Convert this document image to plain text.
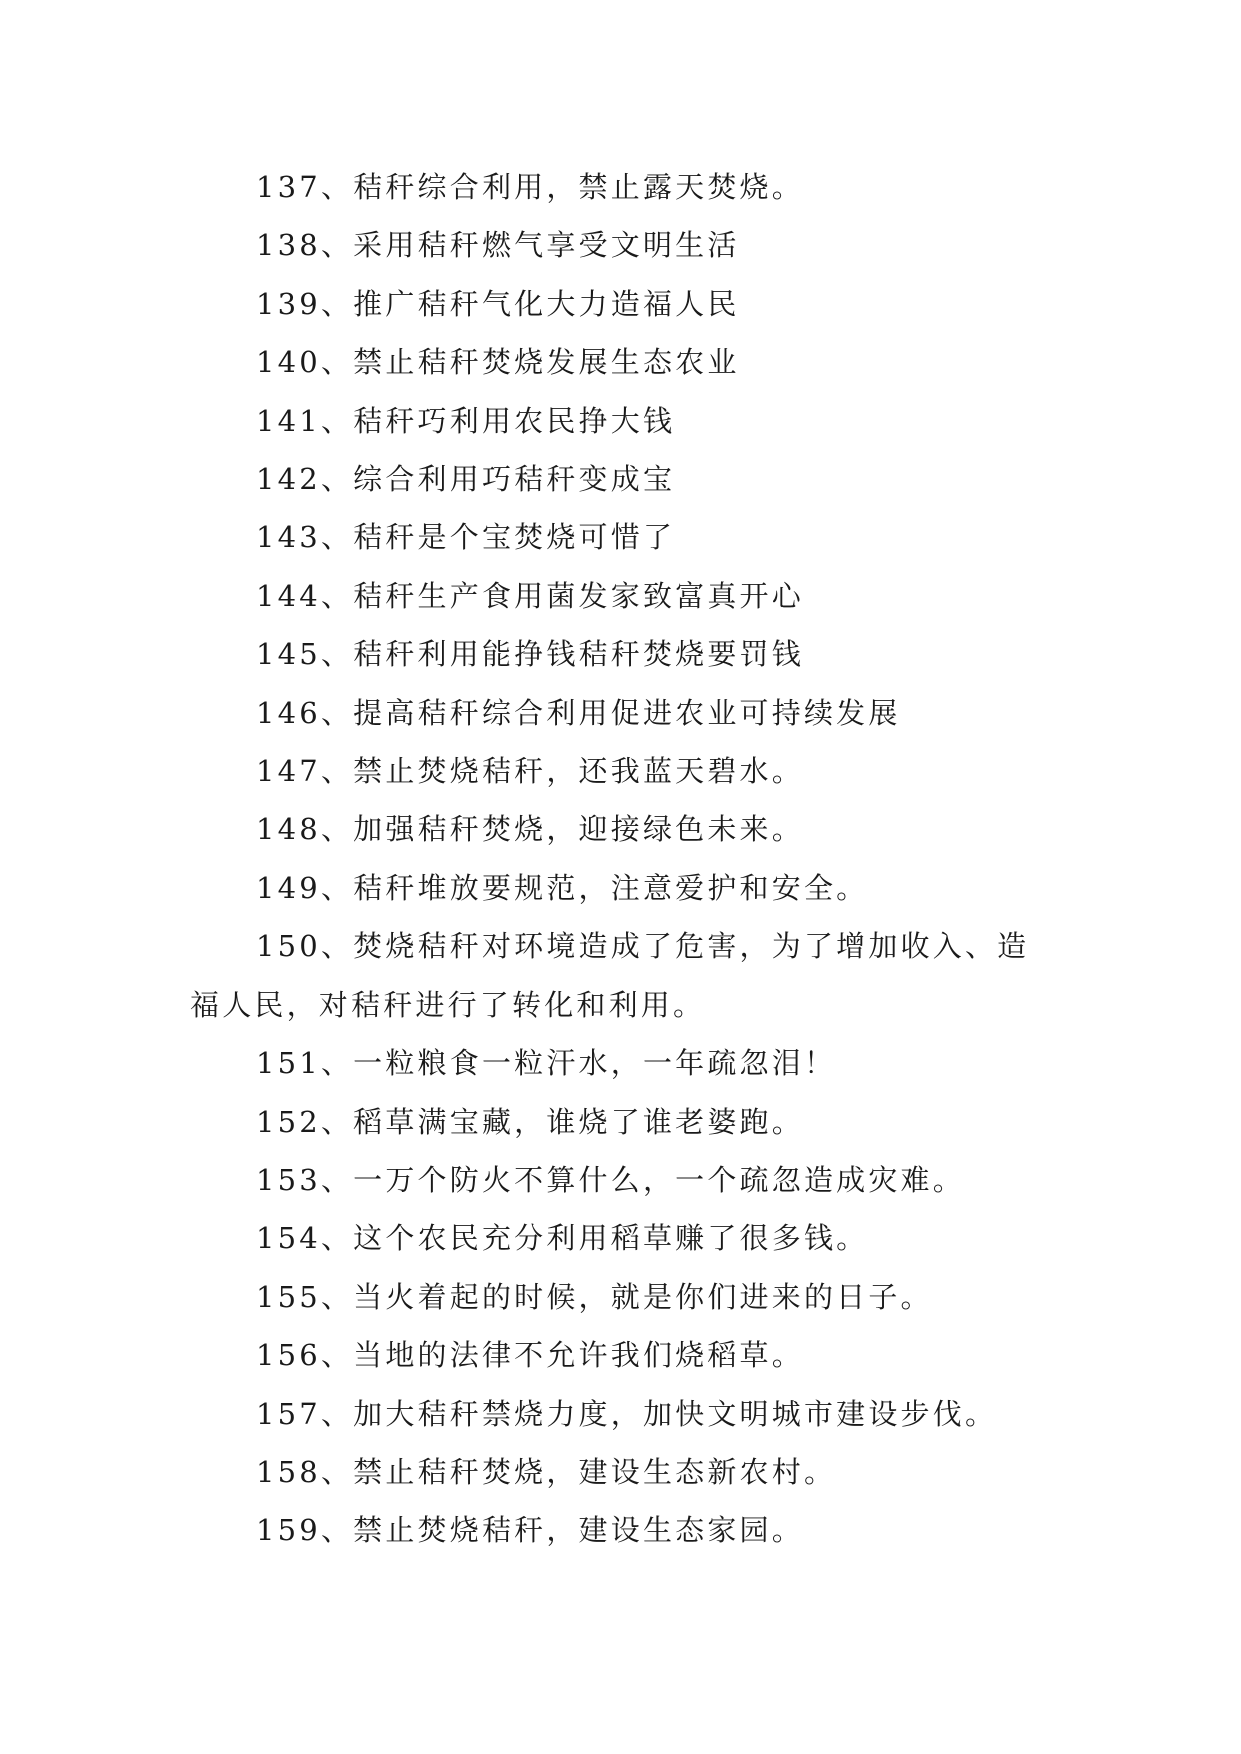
137、秸秆综合利用，禁止露天焚烧。

138、采用秸秆燃气享受文明生活

139、推广秸秆气化大力造福人民

140、禁止秸秆焚烧发展生态农业

141、秸秆巧利用农民挣大钱

142、综合利用巧秸秆变成宝

143、秸秆是个宝焚烧可惜了

144、秸秆生产食用菌发家致富真开心

145、秸秆利用能挣钱秸秆焚烧要罚钱

146、提高秸秆综合利用促进农业可持续发展

147、禁止焚烧秸秆，还我蓝天碧水。

148、加强秸秆焚烧，迎接绿色未来。

149、秸秆堆放要规范，注意爱护和安全。

150、焚烧秸秆对环境造成了危害，为了增加收入、造福人民，对秸秆进行了转化和利用。

151、一粒粮食一粒汗水，一年疏忽泪！

152、稻草满宝藏，谁烧了谁老婆跑。

153、一万个防火不算什么，一个疏忽造成灾难。

154、这个农民充分利用稻草赚了很多钱。

155、当火着起的时候，就是你们进来的日子。

156、当地的法律不允许我们烧稻草。

157、加大秸秆禁烧力度，加快文明城市建设步伐。

158、禁止秸秆焚烧，建设生态新农村。

159、禁止焚烧秸秆，建设生态家园。
